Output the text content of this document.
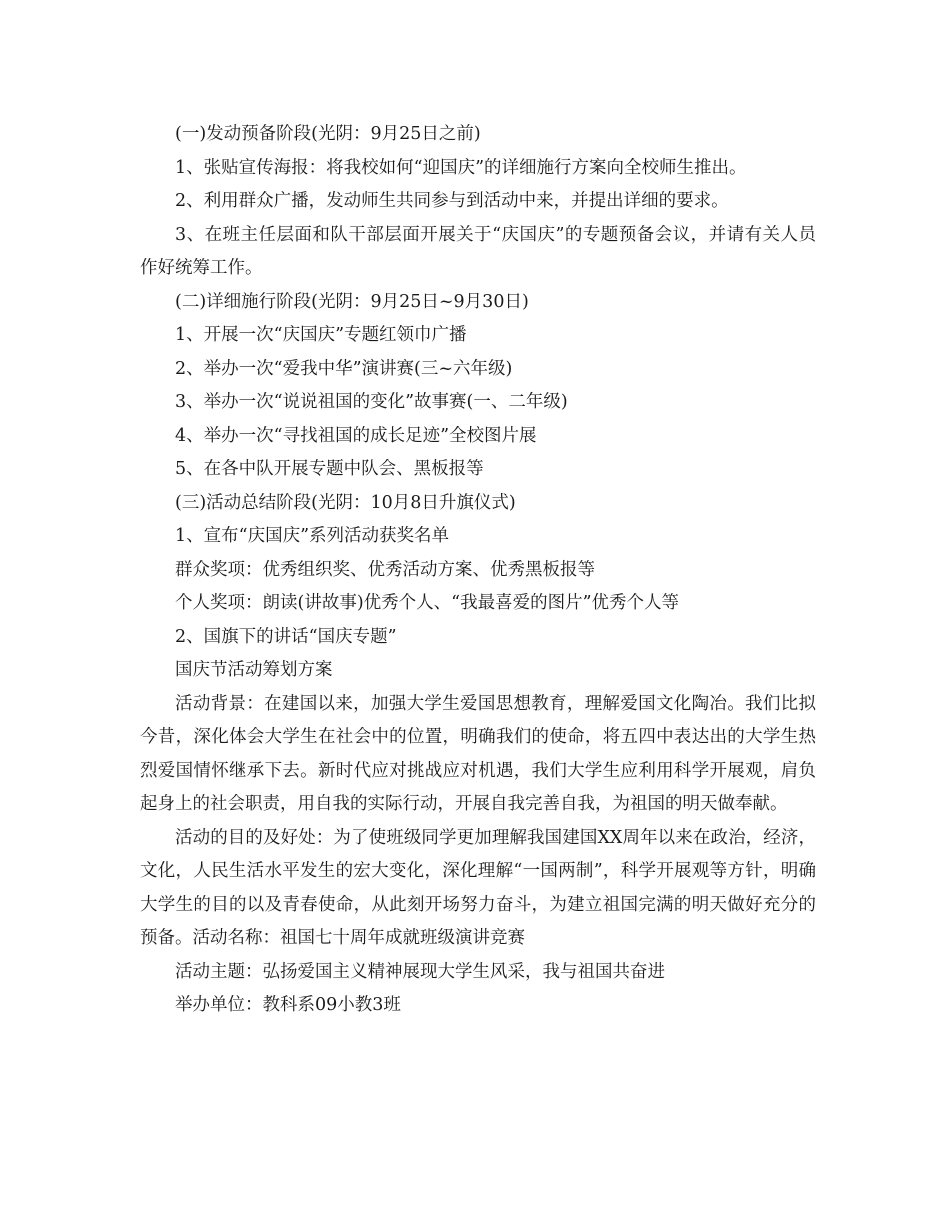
(一)发动预备阶段(光阴：9月25日之前)

1、张贴宣传海报：将我校如何“迎国庆”的详细施行方案向全校师生推出。

2、利用群众广播，发动师生共同参与到活动中来，并提出详细的要求。

3、在班主任层面和队干部层面开展关于“庆国庆”的专题预备会议，并请有关人员作好统筹工作。

(二)详细施行阶段(光阴：9月25日~9月30日)

1、开展一次“庆国庆”专题红领巾广播

2、举办一次“爱我中华”演讲赛(三~六年级)

3、举办一次“说说祖国的变化”故事赛(一、二年级)

4、举办一次“寻找祖国的成长足迹”全校图片展

5、在各中队开展专题中队会、黑板报等

(三)活动总结阶段(光阴：10月8日升旗仪式)

1、宣布“庆国庆”系列活动获奖名单

群众奖项：优秀组织奖、优秀活动方案、优秀黑板报等

个人奖项：朗读(讲故事)优秀个人、“我最喜爱的图片”优秀个人等

2、国旗下的讲话“国庆专题”

国庆节活动筹划方案

活动背景：在建国以来，加强大学生爱国思想教育，理解爱国文化陶冶。我们比拟今昔，深化体会大学生在社会中的位置，明确我们的使命，将五四中表达出的大学生热烈爱国情怀继承下去。新时代应对挑战应对机遇，我们大学生应利用科学开展观，肩负起身上的社会职责，用自我的实际行动，开展自我完善自我，为祖国的明天做奉献。

活动的目的及好处：为了使班级同学更加理解我国建国XX周年以来在政治，经济，文化，人民生活水平发生的宏大变化，深化理解“一国两制”，科学开展观等方针，明确大学生的目的以及青春使命，从此刻开场努力奋斗，为建立祖国完满的明天做好充分的预备。活动名称：祖国七十周年成就班级演讲竞赛

活动主题：弘扬爱国主义精神展现大学生风采，我与祖国共奋进

举办单位：教科系09小教3班
